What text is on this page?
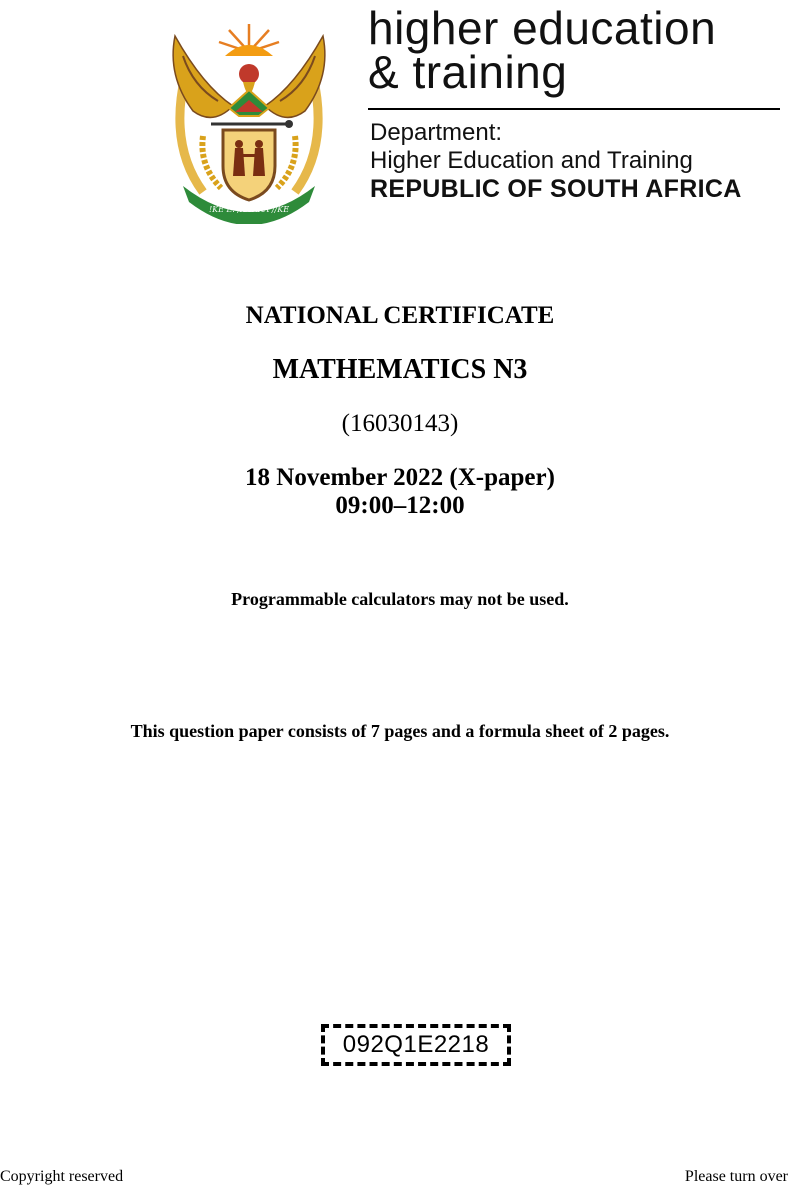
!KE E: /XARRA //KE
higher education
& training
Department:
Higher Education and Training
REPUBLIC OF SOUTH AFRICA
NATIONAL CERTIFICATE
MATHEMATICS N3
(16030143)
18 November 2022 (X-paper)
09:00–12:00
Programmable calculators may not be used.
This question paper consists of 7 pages and a formula sheet of 2 pages.
092Q1E2218
Copyright reserved	Please turn over
